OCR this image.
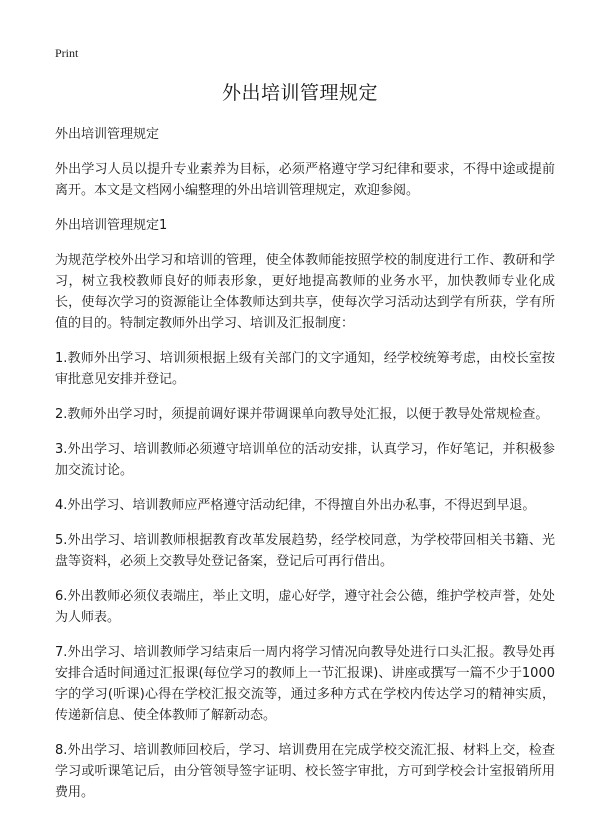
Print
外出培训管理规定

外出培训管理规定

外出学习人员以提升专业素养为目标，必须严格遵守学习纪律和要求，不得中途或提前离开。本文是文档网小编整理的外出培训管理规定，欢迎参阅。

外出培训管理规定1

为规范学校外出学习和培训的管理，使全体教师能按照学校的制度进行工作、教研和学习，树立我校教师良好的师表形象，更好地提高教师的业务水平，加快教师专业化成长，使每次学习的资源能让全体教师达到共享，使每次学习活动达到学有所获，学有所值的目的。特制定教师外出学习、培训及汇报制度：

1.教师外出学习、培训须根据上级有关部门的文字通知，经学校统筹考虑，由校长室按审批意见安排并登记。

2.教师外出学习时，须提前调好课并带调课单向教导处汇报，以便于教导处常规检查。

3.外出学习、培训教师必须遵守培训单位的活动安排，认真学习，作好笔记，并积极参加交流讨论。

4.外出学习、培训教师应严格遵守活动纪律，不得擅自外出办私事，不得迟到早退。

5.外出学习、培训教师根据教育改革发展趋势，经学校同意，为学校带回相关书籍、光盘等资料，必须上交教导处登记备案，登记后可再行借出。

6.外出教师必须仪表端庄，举止文明，虚心好学，遵守社会公德，维护学校声誉，处处为人师表。

7.外出学习、培训教师学习结束后一周内将学习情况向教导处进行口头汇报。教导处再安排合适时间通过汇报课(每位学习的教师上一节汇报课)、讲座或撰写一篇不少于1000字的学习(听课)心得在学校汇报交流等，通过多种方式在学校内传达学习的精神实质，传递新信息、使全体教师了解新动态。

8.外出学习、培训教师回校后，学习、培训费用在完成学校交流汇报、材料上交，检查学习或听课笔记后，由分管领导签字证明、校长签字审批，方可到学校会计室报销所用费用。
